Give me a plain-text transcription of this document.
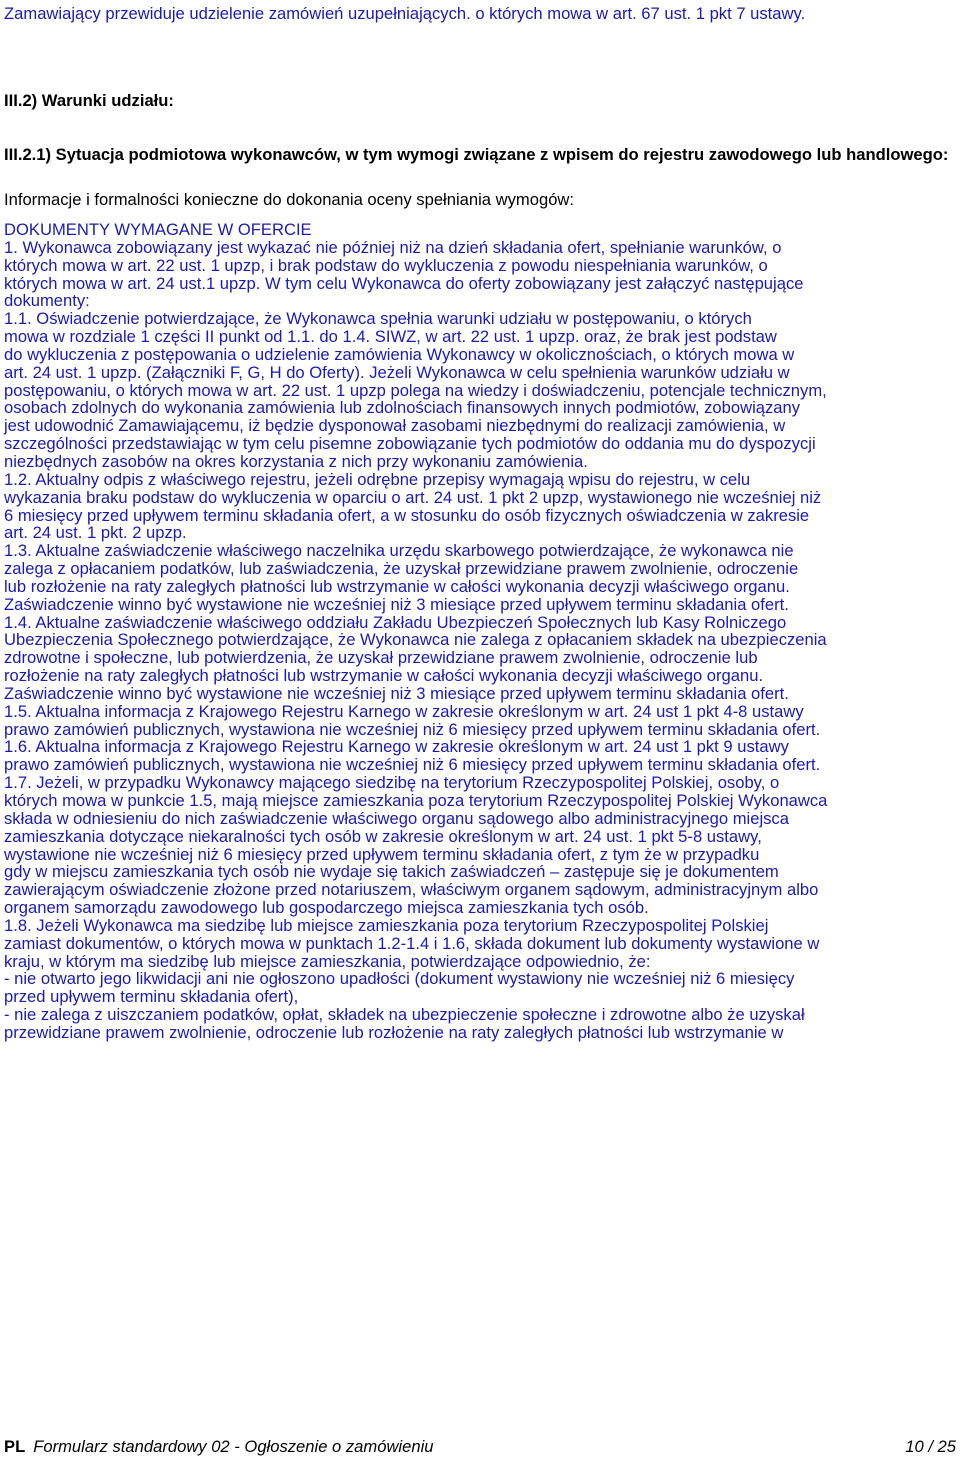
Zamawiający przewiduje udzielenie zamówień uzupełniających. o których mowa w art. 67 ust. 1 pkt 7 ustawy.
III.2) Warunki udziału:
III.2.1) Sytuacja podmiotowa wykonawców, w tym wymogi związane z wpisem do rejestru zawodowego lub handlowego:
Informacje i formalności konieczne do dokonania oceny spełniania wymogów:
DOKUMENTY WYMAGANE W OFERCIE
1. Wykonawca zobowiązany jest wykazać nie później niż na dzień składania ofert, spełnianie warunków, o
których mowa w art. 22 ust. 1 upzp, i brak podstaw do wykluczenia z powodu niespełniania warunków, o
których mowa w art. 24 ust.1 upzp. W tym celu Wykonawca do oferty zobowiązany jest załączyć następujące
dokumenty:
1.1. Oświadczenie potwierdzające, że Wykonawca spełnia warunki udziału w postępowaniu, o których
mowa w rozdziale 1 części II punkt od 1.1. do 1.4. SIWZ, w art. 22 ust. 1 upzp. oraz, że brak jest podstaw
do wykluczenia z postępowania o udzielenie zamówienia Wykonawcy w okolicznościach, o których mowa w
art. 24 ust. 1 upzp. (Załączniki F, G, H do Oferty). Jeżeli Wykonawca w celu spełnienia warunków udziału w
postępowaniu, o których mowa w art. 22 ust. 1 upzp polega na wiedzy i doświadczeniu, potencjale technicznym,
osobach zdolnych do wykonania zamówienia lub zdolnościach finansowych innych podmiotów, zobowiązany
jest udowodnić Zamawiającemu, iż będzie dysponował zasobami niezbędnymi do realizacji zamówienia, w
szczególności przedstawiając w tym celu pisemne zobowiązanie tych podmiotów do oddania mu do dyspozycji
niezbędnych zasobów na okres korzystania z nich przy wykonaniu zamówienia.
1.2. Aktualny odpis z właściwego rejestru, jeżeli odrębne przepisy wymagają wpisu do rejestru, w celu
wykazania braku podstaw do wykluczenia w oparciu o art. 24 ust. 1 pkt 2 upzp, wystawionego nie wcześniej niż
6 miesięcy przed upływem terminu składania ofert, a w stosunku do osób fizycznych oświadczenia w zakresie
art. 24 ust. 1 pkt. 2 upzp.
1.3. Aktualne zaświadczenie właściwego naczelnika urzędu skarbowego potwierdzające, że wykonawca nie
zalega z opłacaniem podatków, lub zaświadczenia, że uzyskał przewidziane prawem zwolnienie, odroczenie
lub rozłożenie na raty zaległych płatności lub wstrzymanie w całości wykonania decyzji właściwego organu.
Zaświadczenie winno być wystawione nie wcześniej niż 3 miesiące przed upływem terminu składania ofert.
1.4. Aktualne zaświadczenie właściwego oddziału Zakładu Ubezpieczeń Społecznych lub Kasy Rolniczego
Ubezpieczenia Społecznego potwierdzające, że Wykonawca nie zalega z opłacaniem składek na ubezpieczenia
zdrowotne i społeczne, lub potwierdzenia, że uzyskał przewidziane prawem zwolnienie, odroczenie lub
rozłożenie na raty zaległych płatności lub wstrzymanie w całości wykonania decyzji właściwego organu.
Zaświadczenie winno być wystawione nie wcześniej niż 3 miesiące przed upływem terminu składania ofert.
1.5. Aktualna informacja z Krajowego Rejestru Karnego w zakresie określonym w art. 24 ust 1 pkt 4-8 ustawy
prawo zamówień publicznych, wystawiona nie wcześniej niż 6 miesięcy przed upływem terminu składania ofert.
1.6. Aktualna informacja z Krajowego Rejestru Karnego w zakresie określonym w art. 24 ust 1 pkt 9 ustawy
prawo zamówień publicznych, wystawiona nie wcześniej niż 6 miesięcy przed upływem terminu składania ofert.
1.7. Jeżeli, w przypadku Wykonawcy mającego siedzibę na terytorium Rzeczypospolitej Polskiej, osoby, o
których mowa w punkcie 1.5, mają miejsce zamieszkania poza terytorium Rzeczypospolitej Polskiej Wykonawca
składa w odniesieniu do nich zaświadczenie właściwego organu sądowego albo administracyjnego miejsca
zamieszkania dotyczące niekaralności tych osób w zakresie określonym w art. 24 ust. 1 pkt 5-8 ustawy,
wystawione nie wcześniej niż 6 miesięcy przed upływem terminu składania ofert, z tym że w przypadku
gdy w miejscu zamieszkania tych osób nie wydaje się takich zaświadczeń – zastępuje się je dokumentem
zawierającym oświadczenie złożone przed notariuszem, właściwym organem sądowym, administracyjnym albo
organem samorządu zawodowego lub gospodarczego miejsca zamieszkania tych osób.
1.8. Jeżeli Wykonawca ma siedzibę lub miejsce zamieszkania poza terytorium Rzeczypospolitej Polskiej
zamiast dokumentów, o których mowa w punktach 1.2-1.4 i 1.6, składa dokument lub dokumenty wystawione w
kraju, w którym ma siedzibę lub miejsce zamieszkania, potwierdzające odpowiednio, że:
- nie otwarto jego likwidacji ani nie ogłoszono upadłości (dokument wystawiony nie wcześniej niż 6 miesięcy
przed upływem terminu składania ofert),
- nie zalega z uiszczaniem podatków, opłat, składek na ubezpieczenie społeczne i zdrowotne albo że uzyskał
przewidziane prawem zwolnienie, odroczenie lub rozłożenie na raty zaległych płatności lub wstrzymanie w
PL Formularz standardowy 02 - Ogłoszenie o zamówieniu	10 / 25
